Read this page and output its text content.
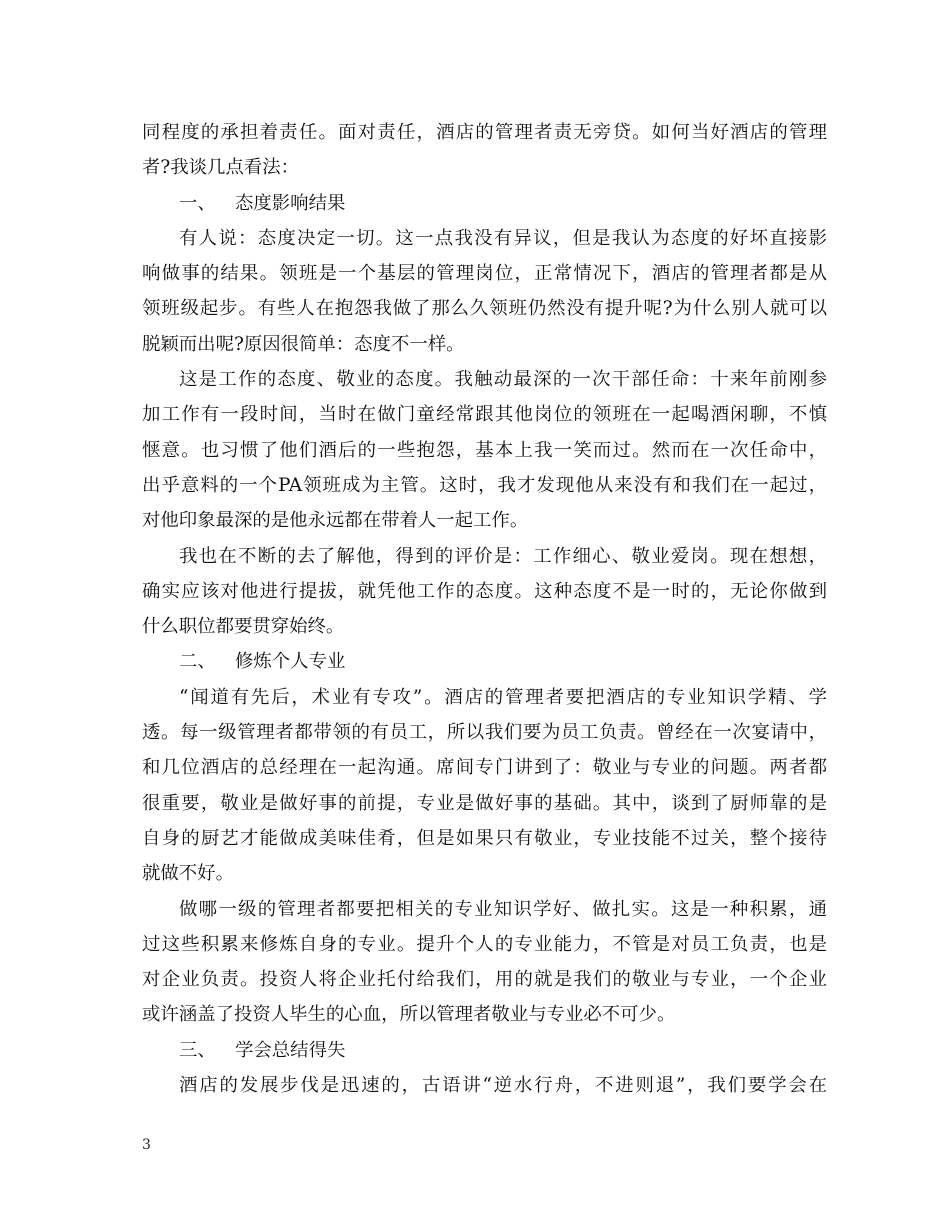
同程度的承担着责任。面对责任，酒店的管理者责无旁贷。如何当好酒店的管理
者?我谈几点看法：
一、 态度影响结果
有人说：态度决定一切。这一点我没有异议，但是我认为态度的好坏直接影
响做事的结果。领班是一个基层的管理岗位，正常情况下，酒店的管理者都是从
领班级起步。有些人在抱怨我做了那么久领班仍然没有提升呢?为什么别人就可以
脱颖而出呢?原因很简单：态度不一样。
这是工作的态度、敬业的态度。我触动最深的一次干部任命：十来年前刚参
加工作有一段时间，当时在做门童经常跟其他岗位的领班在一起喝酒闲聊，不慎
惬意。也习惯了他们酒后的一些抱怨，基本上我一笑而过。然而在一次任命中，
出乎意料的一个PA领班成为主管。这时，我才发现他从来没有和我们在一起过，
对他印象最深的是他永远都在带着人一起工作。
我也在不断的去了解他，得到的评价是：工作细心、敬业爱岗。现在想想，
确实应该对他进行提拔，就凭他工作的态度。这种态度不是一时的，无论你做到
什么职位都要贯穿始终。
二、 修炼个人专业
“闻道有先后，术业有专攻”。酒店的管理者要把酒店的专业知识学精、学
透。每一级管理者都带领的有员工，所以我们要为员工负责。曾经在一次宴请中，
和几位酒店的总经理在一起沟通。席间专门讲到了：敬业与专业的问题。两者都
很重要，敬业是做好事的前提，专业是做好事的基础。其中，谈到了厨师靠的是
自身的厨艺才能做成美味佳肴，但是如果只有敬业，专业技能不过关，整个接待
就做不好。
做哪一级的管理者都要把相关的专业知识学好、做扎实。这是一种积累，通
过这些积累来修炼自身的专业。提升个人的专业能力，不管是对员工负责，也是
对企业负责。投资人将企业托付给我们，用的就是我们的敬业与专业，一个企业
或许涵盖了投资人毕生的心血，所以管理者敬业与专业必不可少。
三、 学会总结得失
酒店的发展步伐是迅速的，古语讲“逆水行舟，不进则退”，我们要学会在
3
